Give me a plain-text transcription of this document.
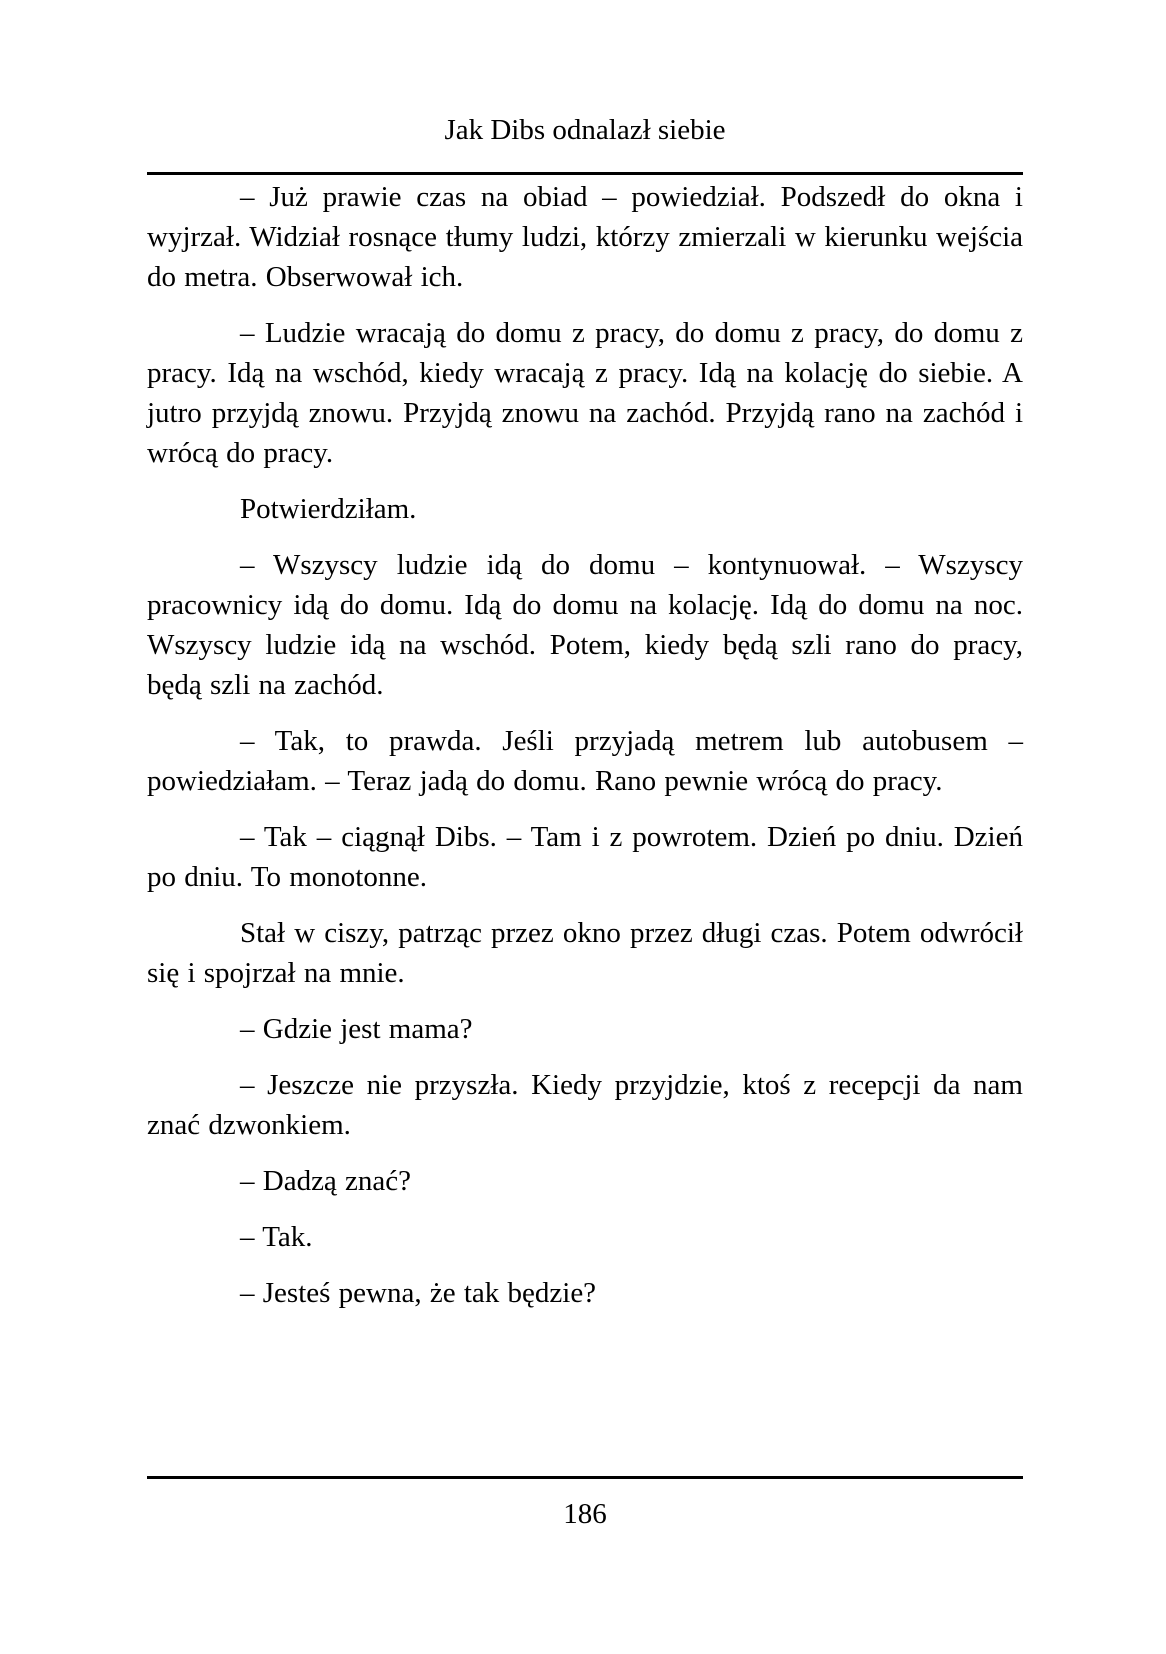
Jak Dibs odnalazł siebie

– Już prawie czas na obiad – powiedział. Podszedł do okna i wyjrzał. Widział rosnące tłumy ludzi, którzy zmierzali w kierunku wejścia do metra. Obserwował ich.

– Ludzie wracają do domu z pracy, do domu z pracy, do domu z pracy. Idą na wschód, kiedy wracają z pracy. Idą na kolację do siebie. A jutro przyjdą znowu. Przyjdą znowu na zachód. Przyjdą rano na zachód i wrócą do pracy.

Potwierdziłam.

– Wszyscy ludzie idą do domu – kontynuował. – Wszyscy pracownicy idą do domu. Idą do domu na kolację. Idą do domu na noc. Wszyscy ludzie idą na wschód. Potem, kiedy będą szli rano do pracy, będą szli na zachód.

– Tak, to prawda. Jeśli przyjadą metrem lub autobusem – powiedziałam. – Teraz jadą do domu. Rano pewnie wrócą do pracy.

– Tak – ciągnął Dibs. – Tam i z powrotem. Dzień po dniu. Dzień po dniu. To monotonne.

Stał w ciszy, patrząc przez okno przez długi czas. Potem odwrócił się i spojrzał na mnie.

– Gdzie jest mama?

– Jeszcze nie przyszła. Kiedy przyjdzie, ktoś z recepcji da nam znać dzwonkiem.

– Dadzą znać?

– Tak.

– Jesteś pewna, że tak będzie?

186
